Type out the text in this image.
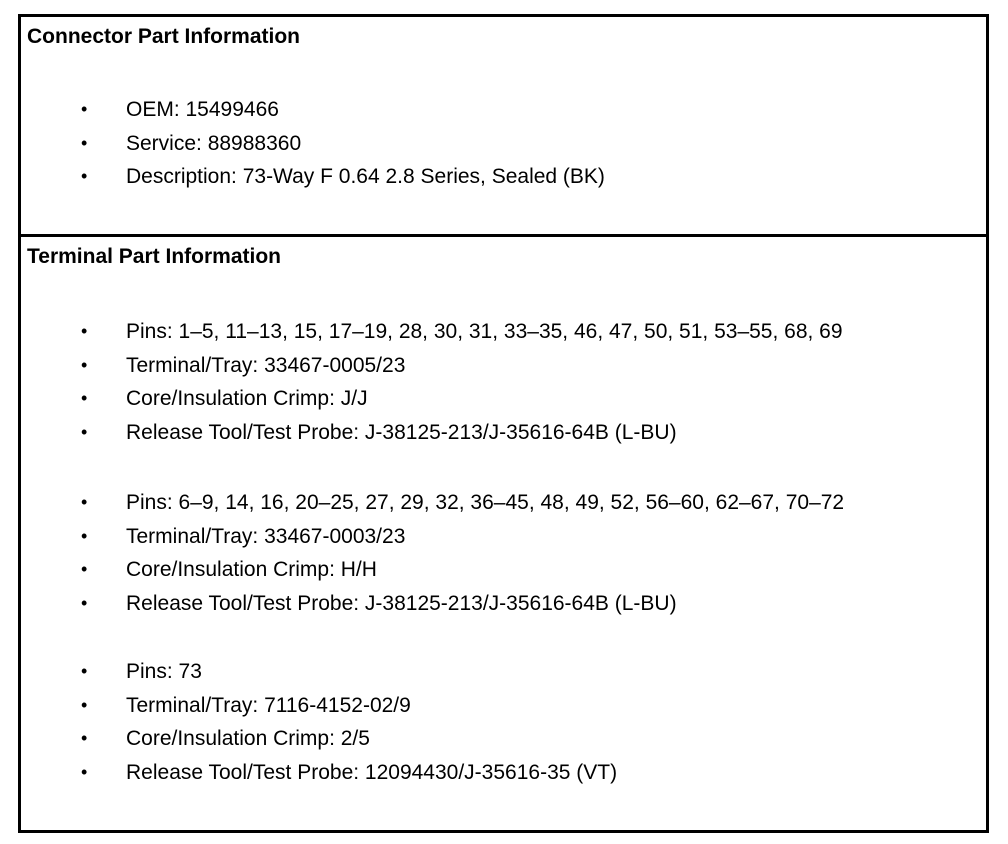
Connector Part Information
• OEM: 15499466
• Service: 88988360
• Description: 73-Way F 0.64 2.8 Series, Sealed (BK)
Terminal Part Information
• Pins: 1–5, 11–13, 15, 17–19, 28, 30, 31, 33–35, 46, 47, 50, 51, 53–55, 68, 69
• Terminal/Tray: 33467-0005/23
• Core/Insulation Crimp: J/J
• Release Tool/Test Probe: J-38125-213/J-35616-64B (L-BU)
• Pins: 6–9, 14, 16, 20–25, 27, 29, 32, 36–45, 48, 49, 52, 56–60, 62–67, 70–72
• Terminal/Tray: 33467-0003/23
• Core/Insulation Crimp: H/H
• Release Tool/Test Probe: J-38125-213/J-35616-64B (L-BU)
• Pins: 73
• Terminal/Tray: 7116-4152-02/9
• Core/Insulation Crimp: 2/5
• Release Tool/Test Probe: 12094430/J-35616-35 (VT)
